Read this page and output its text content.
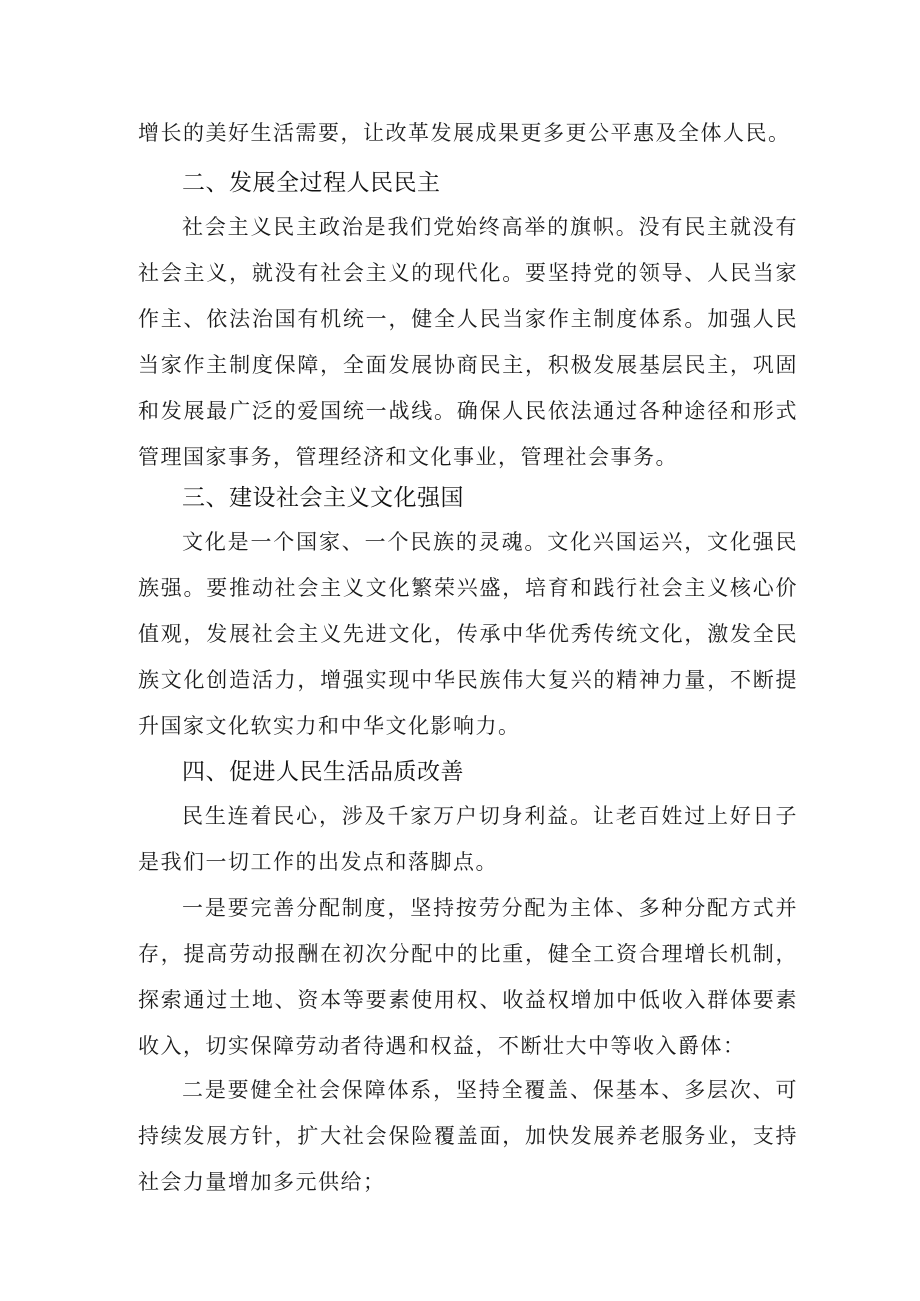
增长的美好生活需要，让改革发展成果更多更公平惠及全体人民。

二、发展全过程人民民主

社会主义民主政治是我们党始终高举的旗帜。没有民主就没有社会主义，就没有社会主义的现代化。要坚持党的领导、人民当家作主、依法治国有机统一，健全人民当家作主制度体系。加强人民当家作主制度保障，全面发展协商民主，积极发展基层民主，巩固和发展最广泛的爱国统一战线。确保人民依法通过各种途径和形式管理国家事务，管理经济和文化事业，管理社会事务。

三、建设社会主义文化强国

文化是一个国家、一个民族的灵魂。文化兴国运兴，文化强民族强。要推动社会主义文化繁荣兴盛，培育和践行社会主义核心价值观，发展社会主义先进文化，传承中华优秀传统文化，激发全民族文化创造活力，增强实现中华民族伟大复兴的精神力量，不断提升国家文化软实力和中华文化影响力。

四、促进人民生活品质改善

民生连着民心，涉及千家万户切身利益。让老百姓过上好日子是我们一切工作的出发点和落脚点。

一是要完善分配制度，坚持按劳分配为主体、多种分配方式并存，提高劳动报酬在初次分配中的比重，健全工资合理增长机制，探索通过土地、资本等要素使用权、收益权增加中低收入群体要素收入，切实保障劳动者待遇和权益，不断壮大中等收入爵体：

二是要健全社会保障体系，坚持全覆盖、保基本、多层次、可持续发展方针，扩大社会保险覆盖面，加快发展养老服务业，支持社会力量增加多元供给；
